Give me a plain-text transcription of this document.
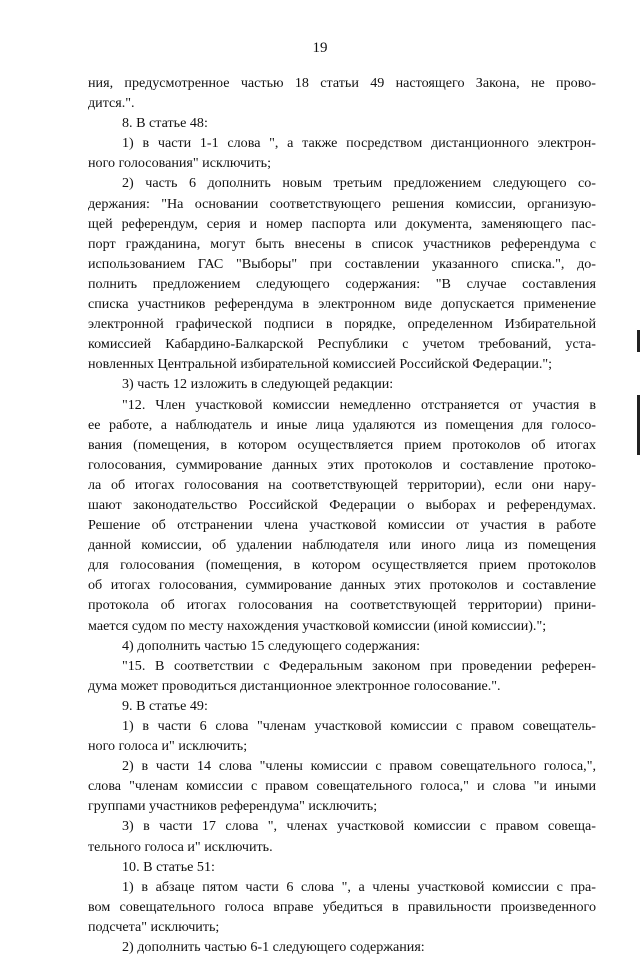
19
ния, предусмотренное частью 18 статьи 49 настоящего Закона, не прово-
дится.".
8. В статье 48:
1) в части 1-1 слова ", а также посредством дистанционного электрон-
ного голосования" исключить;
2) часть 6 дополнить новым третьим предложением следующего со-
держания: "На основании соответствующего решения комиссии, организую-
щей референдум, серия и номер паспорта или документа, заменяющего пас-
порт гражданина, могут быть внесены в список участников референдума с
использованием ГАС "Выборы" при составлении указанного списка.", до-
полнить предложением следующего содержания: "В случае составления
списка участников референдума в электронном виде допускается применение
электронной графической подписи в порядке, определенном Избирательной
комиссией Кабардино-Балкарской Республики с учетом требований, уста-
новленных Центральной избирательной комиссией Российской Федерации.";
3) часть 12 изложить в следующей редакции:
"12. Член участковой комиссии немедленно отстраняется от участия в
ее работе, а наблюдатель и иные лица удаляются из помещения для голосо-
вания (помещения, в котором осуществляется прием протоколов об итогах
голосования, суммирование данных этих протоколов и составление протоко-
ла об итогах голосования на соответствующей территории), если они нару-
шают законодательство Российской Федерации о выборах и референдумах.
Решение об отстранении члена участковой комиссии от участия в работе
данной комиссии, об удалении наблюдателя или иного лица из помещения
для голосования (помещения, в котором осуществляется прием протоколов
об итогах голосования, суммирование данных этих протоколов и составление
протокола об итогах голосования на соответствующей территории) прини-
мается судом по месту нахождения участковой комиссии (иной комиссии).";
4) дополнить частью 15 следующего содержания:
"15. В соответствии с Федеральным законом при проведении референ-
дума может проводиться дистанционное электронное голосование.".
9. В статье 49:
1) в части 6 слова "членам участковой комиссии с правом совещатель-
ного голоса и" исключить;
2) в части 14 слова "члены комиссии с правом совещательного голоса,",
слова "членам комиссии с правом совещательного голоса," и слова "и иными
группами участников референдума" исключить;
3) в части 17 слова ", членах участковой комиссии с правом совеща-
тельного голоса и" исключить.
10. В статье 51:
1) в абзаце пятом части 6 слова ", а члены участковой комиссии с пра-
вом совещательного голоса вправе убедиться в правильности произведенного
подсчета" исключить;
2) дополнить частью 6-1 следующего содержания:
